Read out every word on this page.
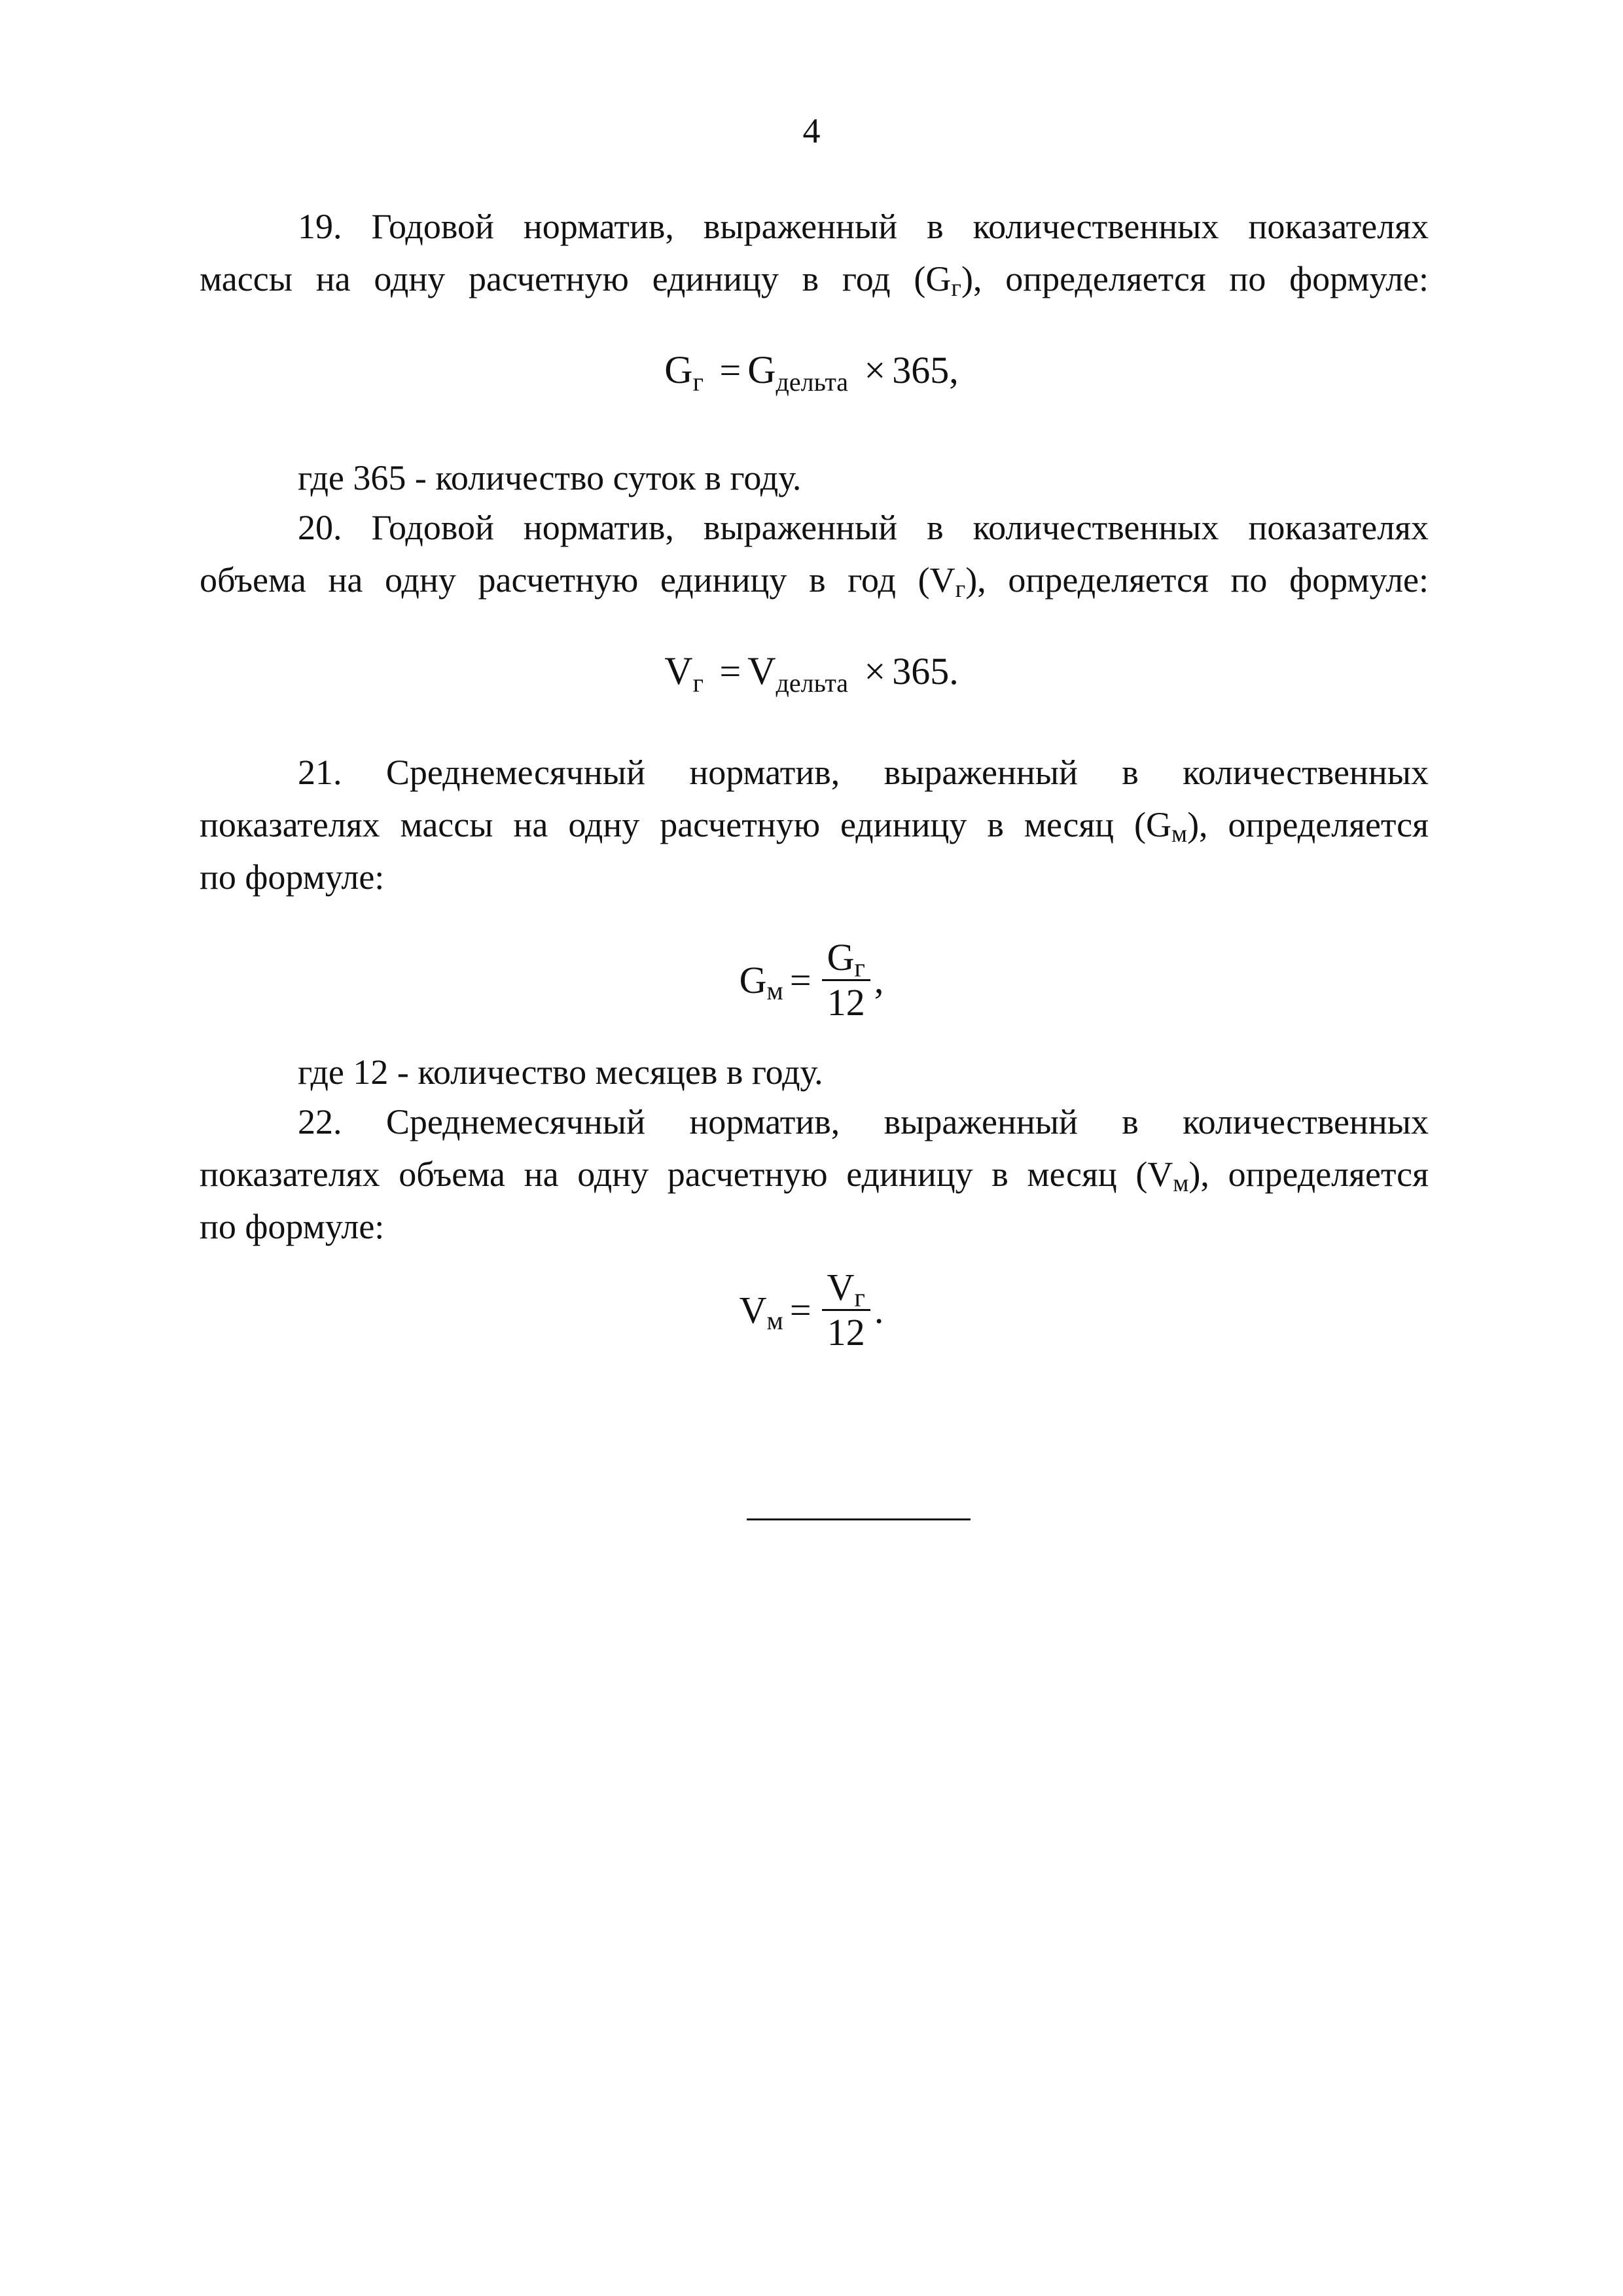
4
19. Годовой норматив, выраженный в количественных показателях
массы на одну расчетную единицу в год (Gг), определяется по формуле:
$G_г = G_{дельта} \times 365$,
где 365 - количество суток в году.
20. Годовой норматив, выраженный в количественных показателях
объема на одну расчетную единицу в год (Vг), определяется по формуле:
$V_г = V_{дельта} \times 365$.
21. Среднемесячный норматив, выраженный в количественных
показателях массы на одну расчетную единицу в месяц (Gм), определяется
по формуле:
$G_м = \frac{G_г}{12}$ ,
где 12 - количество месяцев в году.
22. Среднемесячный норматив, выраженный в количественных
показателях объема на одну расчетную единицу в месяц (Vм), определяется
по формуле:
$V_м = \frac{V_г}{12}$ .
